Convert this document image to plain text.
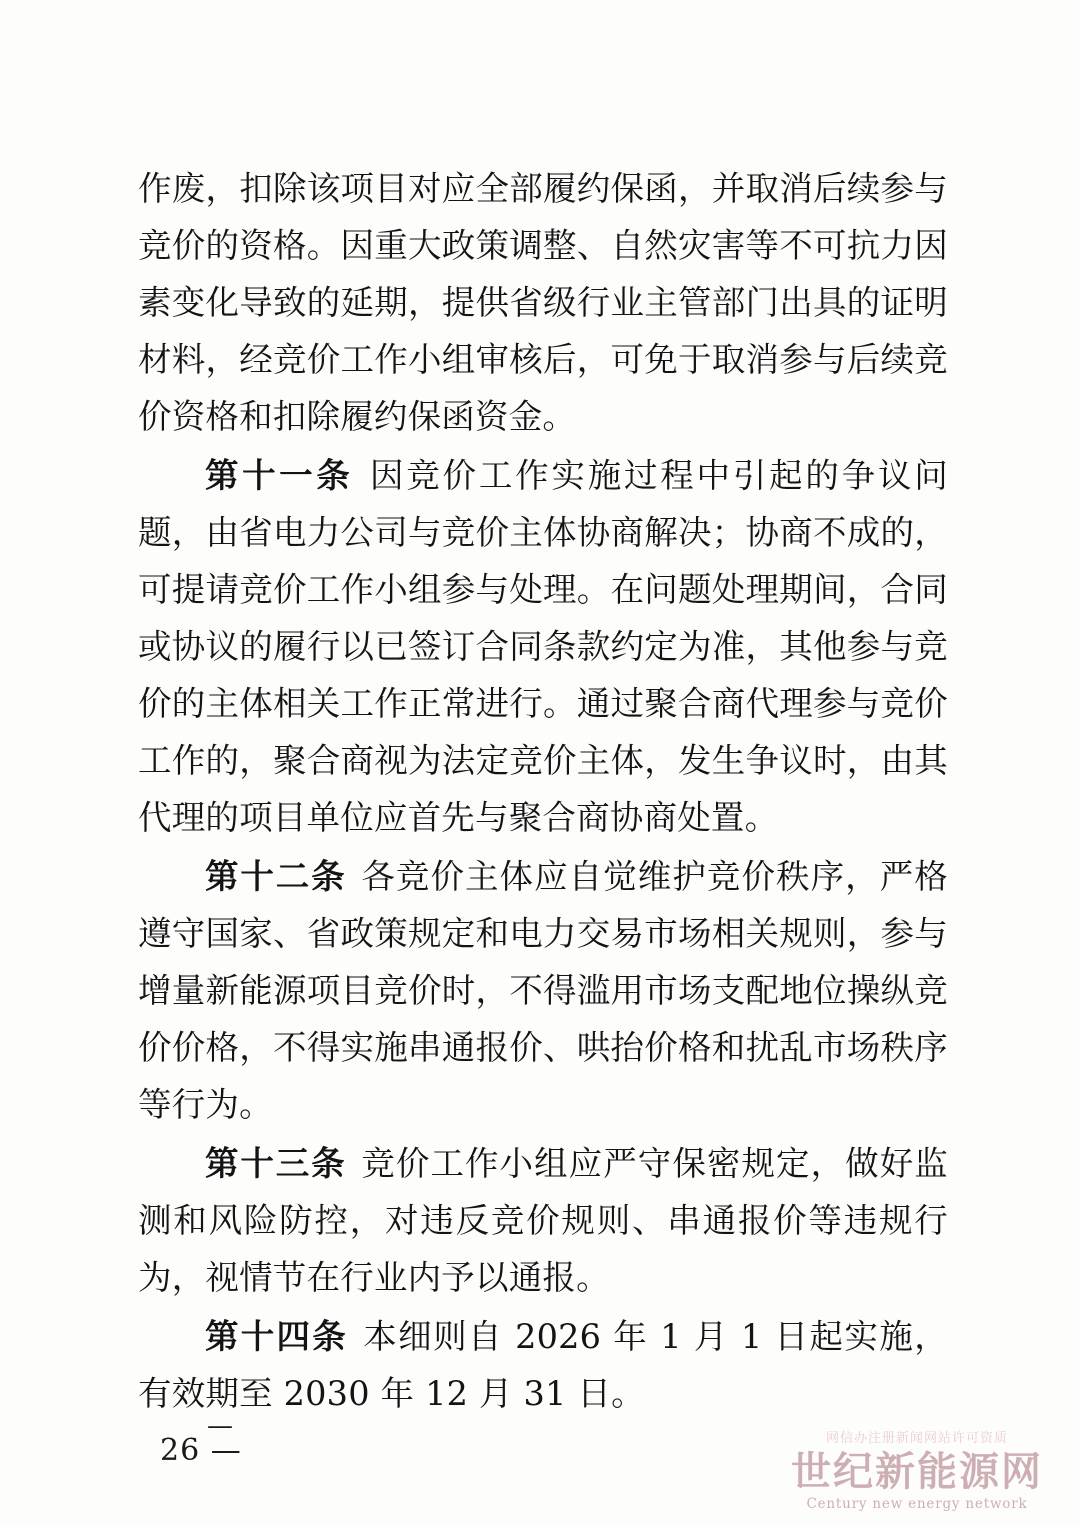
作废，扣除该项目对应全部履约保函，并取消后续参与竞价的资格。因重大政策调整、自然灾害等不可抗力因素变化导致的延期，提供省级行业主管部门出具的证明材料，经竞价工作小组审核后，可免于取消参与后续竞价资格和扣除履约保函资金。

第十一条 因竞价工作实施过程中引起的争议问题，由省电力公司与竞价主体协商解决；协商不成的，可提请竞价工作小组参与处理。在问题处理期间，合同或协议的履行以已签订合同条款约定为准，其他参与竞价的主体相关工作正常进行。通过聚合商代理参与竞价工作的，聚合商视为法定竞价主体，发生争议时，由其代理的项目单位应首先与聚合商协商处置。

第十二条 各竞价主体应自觉维护竞价秩序，严格遵守国家、省政策规定和电力交易市场相关规则，参与增量新能源项目竞价时，不得滥用市场支配地位操纵竞价价格，不得实施串通报价、哄抬价格和扰乱市场秩序等行为。

第十三条 竞价工作小组应严守保密规定，做好监测和风险防控，对违反竞价规则、串通报价等违规行为，视情节在行业内予以通报。

第十四条 本细则自 2026 年 1 月 1 日起实施，有效期至 2030 年 12 月 31 日。

—
26 —	网信办注册新闻网站许可资质
世纪新能源网
Century new energy network
